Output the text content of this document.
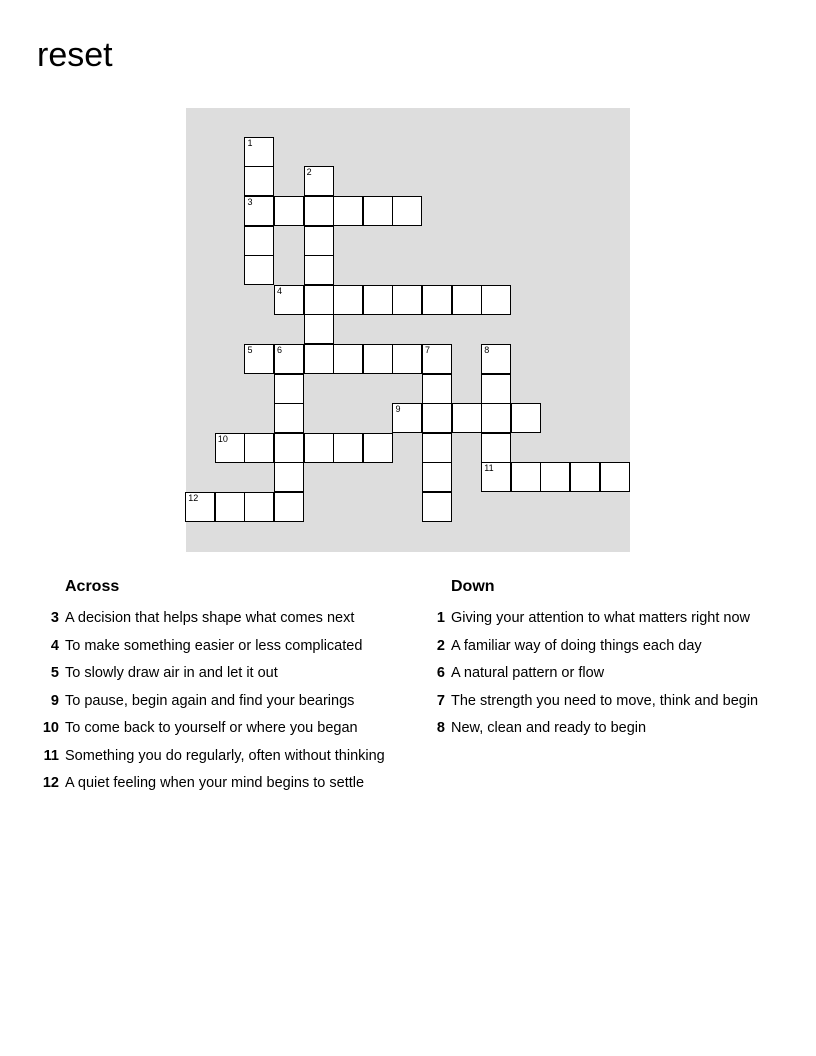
reset
1
2
3
4
5	6	7	8
9
10
11
12
Across
3 A decision that helps shape what comes next
4 To make something easier or less complicated
5 To slowly draw air in and let it out
9 To pause, begin again and find your bearings
10 To come back to yourself or where you began
11 Something you do regularly, often without thinking
12 A quiet feeling when your mind begins to settle
Down
1 Giving your attention to what matters right now
2 A familiar way of doing things each day
6 A natural pattern or flow
7 The strength you need to move, think and begin
8 New, clean and ready to begin
